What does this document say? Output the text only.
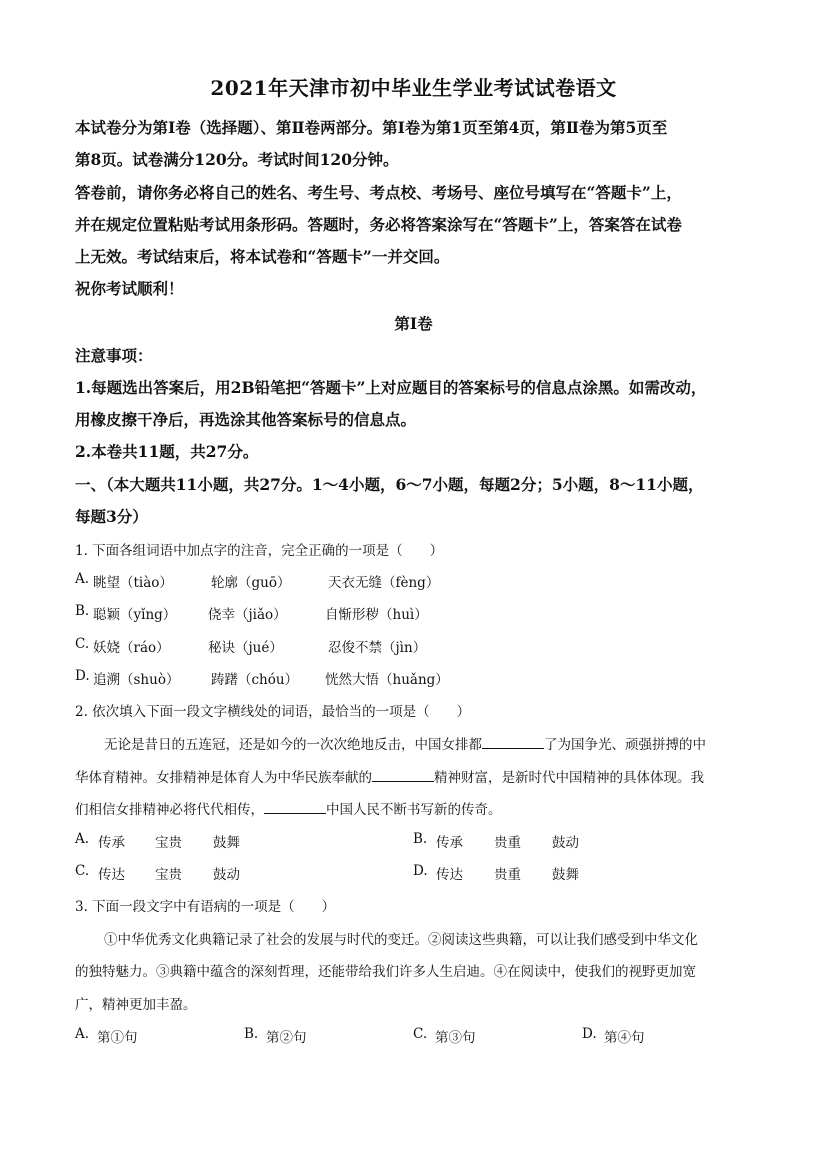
2021年天津市初中毕业生学业考试试卷语文
本试卷分为第Ⅰ卷（选择题）、第Ⅱ卷两部分。第Ⅰ卷为第1页至第4页，第Ⅱ卷为第5页至
第8页。试卷满分120分。考试时间120分钟。
答卷前，请你务必将自己的姓名、考生号、考点校、考场号、座位号填写在“答题卡”上，
并在规定位置粘贴考试用条形码。答题时，务必将答案涂写在“答题卡”上，答案答在试卷
上无效。考试结束后，将本试卷和“答题卡”一并交回。
祝你考试顺利！
第Ⅰ卷
注意事项：
1.每题选出答案后，用2B铅笔把“答题卡”上对应题目的答案标号的信息点涂黑。如需改动，
用橡皮擦干净后，再选涂其他答案标号的信息点。
2.本卷共11题，共27分。
一、（本大题共11小题，共27分。1～4小题，6～7小题，每题2分；5小题，8～11小题，
每题3分）
1. 下面各组词语中加点字的注音，完全正确的一项是（　　）
A. 眺望（tiào）	轮廓（guō）	天衣无缝（fèng）
B. 聪颖（yǐng） 侥幸（jiǎo）	自惭形秽（huì）
C. 妖娆（ráo）	秘诀（jué）	忍俊不禁（jìn）
D. 追溯（shuò） 踌躇（chóu） 恍然大悟（huǎng）
2. 依次填入下面一段文字横线处的词语，最恰当的一项是（　　）
无论是昔日的五连冠，还是如今的一次次绝地反击，中国女排都	了为国争光、顽强拼搏的中
华体育精神。女排精神是体育人为中华民族奉献的	精神财富，是新时代中国精神的具体体现。我
们相信女排精神必将代代相传，	中国人民不断书写新的传奇。
A. 传承 宝贵 鼓舞	B. 传承 贵重 鼓动
C. 传达 宝贵 鼓动	D. 传达 贵重 鼓舞
3. 下面一段文字中有语病的一项是（　　）
①中华优秀文化典籍记录了社会的发展与时代的变迁。②阅读这些典籍，可以让我们感受到中华文化
的独特魅力。③典籍中蕴含的深刻哲理，还能带给我们许多人生启迪。④在阅读中，使我们的视野更加宽
广，精神更加丰盈。
A. 第①句	B. 第②句	C. 第③句	D. 第④句
